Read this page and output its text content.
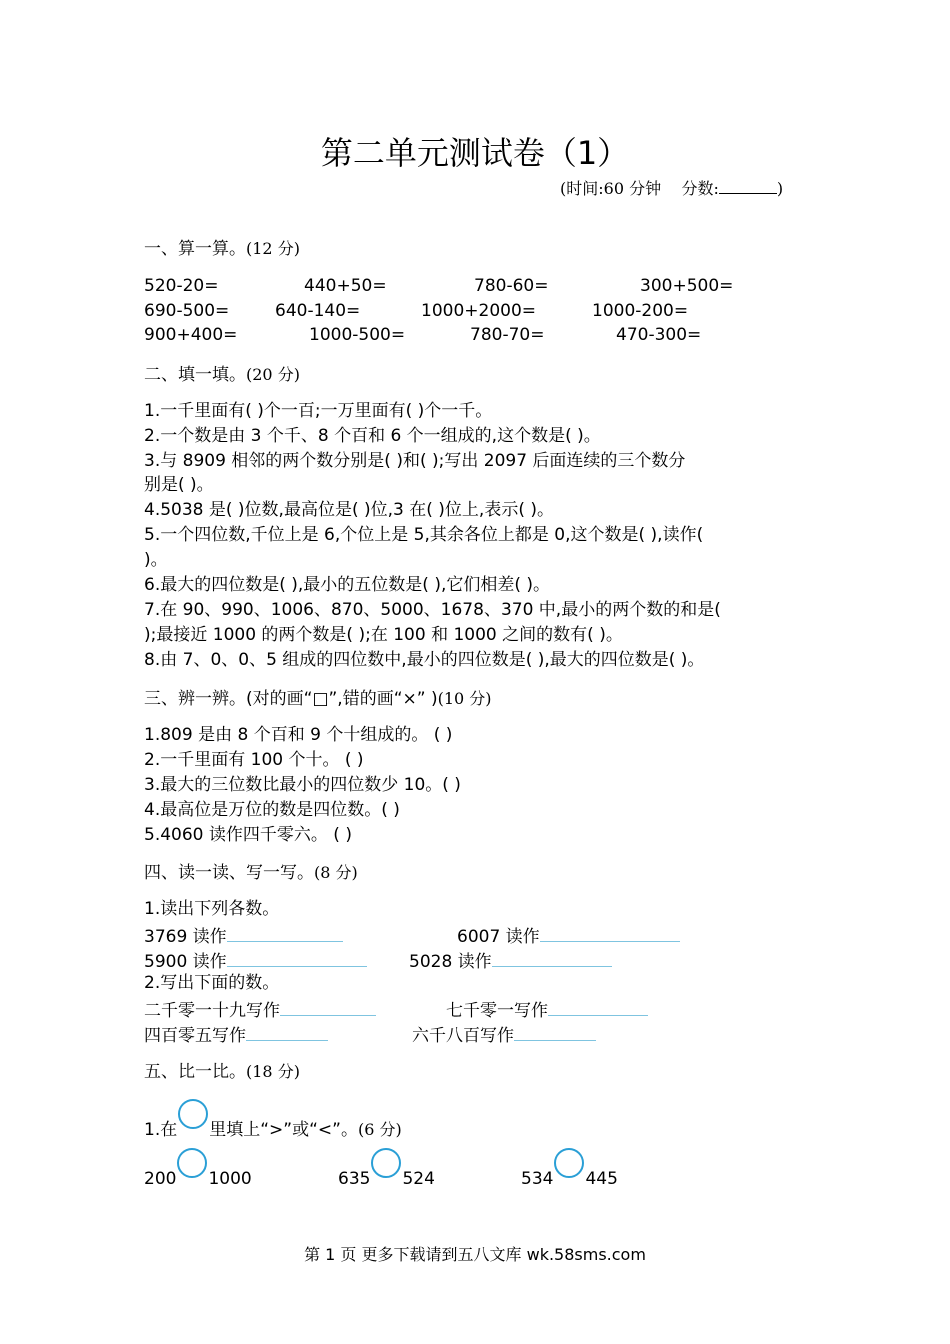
第二单元测试卷（1）
(时间:60 分钟 分数:	)
一、算一算。(12 分)
520-20=	440+50=	780-60=	300+500=
690-500=	640-140=	1000+2000=	1000-200=
900+400=	1000-500=	780-70=	470-300=
二、填一填。(20 分)
1.一千里面有( )个一百;一万里面有( )个一千。
2.一个数是由 3 个千、8 个百和 6 个一组成的,这个数是( )。
3.与 8909 相邻的两个数分别是( )和( );写出 2097 后面连续的三个数分
别是( )。
4.5038 是( )位数,最高位是( )位,3 在( )位上,表示( )。
5.一个四位数,千位上是 6,个位上是 5,其余各位上都是 0,这个数是( ),读作(
)。
6.最大的四位数是( ),最小的五位数是( ),它们相差( )。
7.在 90、990、1006、870、5000、1678、370 中,最小的两个数的和是(
);最接近 1000 的两个数是( );在 100 和 1000 之间的数有( )。
8.由 7、0、0、5 组成的四位数中,最小的四位数是( ),最大的四位数是( )。
三、辨一辨。(对的画“□”,错的画“×” )(10 分)
1.809 是由 8 个百和 9 个十组成的。 ( )
2.一千里面有 100 个十。 ( )
3.最大的三位数比最小的四位数少 10。( )
4.最高位是万位的数是四位数。( )
5.4060 读作四千零六。 ( )
四、读一读、写一写。(8 分)
1.读出下列各数。
3769 读作	6007 读作
5900 读作	5028 读作
2.写出下面的数。
二千零一十九写作	七千零一写作
四百零五写作	六千八百写作
五、比一比。(18 分)
1.在 里填上“>”或“<”。(6 分)
200 1000	635 524	534 445
第 1 页 更多下载请到五八文库 wk.58sms.com
